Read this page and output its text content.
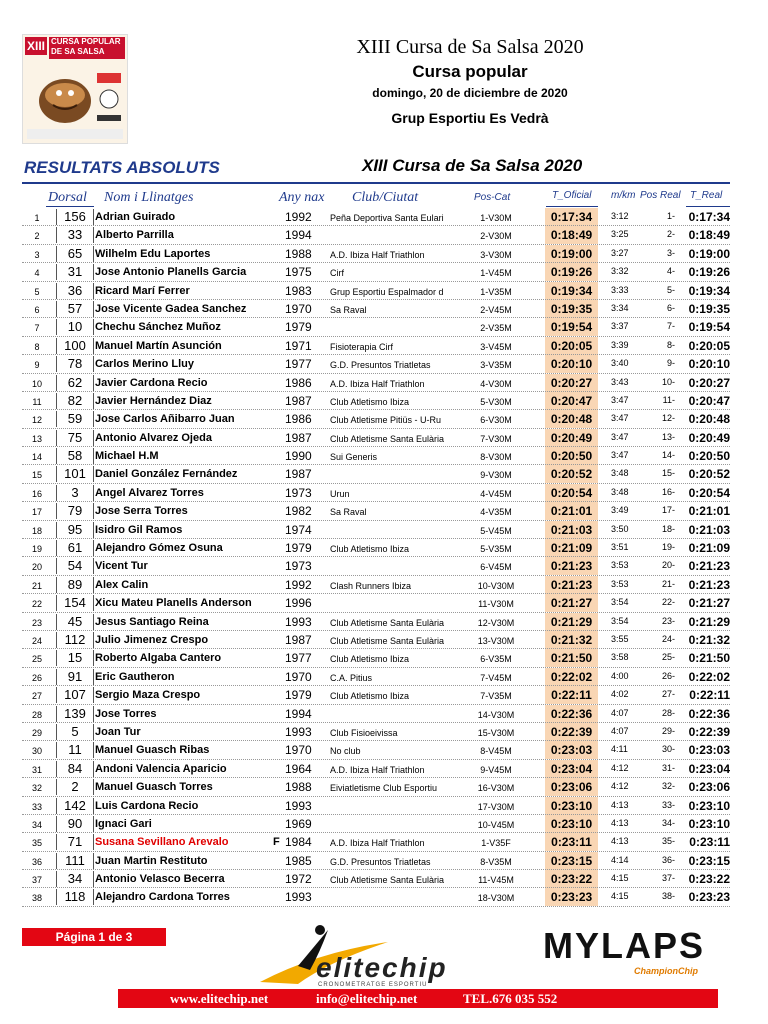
XIII CURSA POPULAR DE SA SALSA	XIII Cursa de Sa Salsa 2020
Cursa popular
domingo, 20 de diciembre de 2020
Grup Esportiu Es Vedrà
RESULTATS ABSOLUTS	XIII Cursa de Sa Salsa 2020
Dorsal Nom i Llinatges	Any nax Club/Ciutat	Pos-Cat	T_Oficial m/km Pos Real T_Real
1	156 Adrian Guirado	1992 Peña Deportiva Santa Eulari	1-V30M	0:17:34	3:12	1-	0:17:34
2	33	Alberto Parrilla	1994	2-V30M	0:18:49	3:25	2-	0:18:49
3	65	Wilhelm Edu Laportes	1988 A.D. Ibiza Half Triathlon	3-V30M	0:19:00	3:27	3-	0:19:00
4	31	Jose Antonio Planells Garcia	1975 Cirf	1-V45M	0:19:26	3:32	4-	0:19:26
5	36	Ricard Marí Ferrer	1983 Grup Esportiu Espalmador d	1-V35M	0:19:34	3:33	5-	0:19:34
6	57	Jose Vicente Gadea Sanchez	1970 Sa Raval	2-V45M	0:19:35	3:34	6-	0:19:35
7	10	Chechu Sánchez Muñoz	1979	2-V35M	0:19:54	3:37	7-	0:19:54
8	100 Manuel Martín Asunción	1971 Fisioterapia Cirf	3-V45M	0:20:05	3:39	8-	0:20:05
9	78	Carlos Merino Lluy	1977 G.D. Presuntos Triatletas	3-V35M	0:20:10	3:40	9-	0:20:10
10	62	Javier Cardona Recio	1986 A.D. Ibiza Half Triathlon	4-V30M	0:20:27	3:43	10-	0:20:27
11	82	Javier Hernández Diaz	1987 Club Atletismo Ibiza	5-V30M	0:20:47	3:47	11-	0:20:47
12	59	Jose Carlos Añibarro Juan	1986 Club Atletisme Pitiüs - U-Ru	6-V30M	0:20:48	3:47	12-	0:20:48
13	75	Antonio Alvarez Ojeda	1987 Club Atletisme Santa Eulària	7-V30M	0:20:49	3:47	13-	0:20:49
14	58	Michael H.M	1990 Sui Generis	8-V30M	0:20:50	3:47	14-	0:20:50
15	101 Daniel González Fernández	1987	9-V30M	0:20:52	3:48	15-	0:20:52
16	3	Angel Alvarez Torres	1973 Urun	4-V45M	0:20:54	3:48	16-	0:20:54
17	79	Jose Serra Torres	1982 Sa Raval	4-V35M	0:21:01	3:49	17-	0:21:01
18	95	Isidro Gil Ramos	1974	5-V45M	0:21:03	3:50	18-	0:21:03
19	61	Alejandro Gómez Osuna	1979 Club Atletismo Ibiza	5-V35M	0:21:09	3:51	19-	0:21:09
20	54	Vicent Tur	1973	6-V45M	0:21:23	3:53	20-	0:21:23
21	89	Alex Calin	1992 Clash Runners Ibiza	10-V30M	0:21:23	3:53	21-	0:21:23
22	154 Xicu Mateu Planells Anderson	1996	11-V30M	0:21:27	3:54	22-	0:21:27
23	45	Jesus Santiago Reina	1993 Club Atletisme Santa Eulària	12-V30M	0:21:29	3:54	23-	0:21:29
24	112 Julio Jimenez Crespo	1987 Club Atletisme Santa Eulària	13-V30M	0:21:32	3:55	24-	0:21:32
25	15	Roberto Algaba Cantero	1977 Club Atletismo Ibiza	6-V35M	0:21:50	3:58	25-	0:21:50
26	91	Eric Gautheron	1970 C.A. Pitius	7-V45M	0:22:02	4:00	26-	0:22:02
27	107 Sergio Maza Crespo	1979 Club Atletismo Ibiza	7-V35M	0:22:11	4:02	27-	0:22:11
28	139 Jose Torres	1994	14-V30M	0:22:36	4:07	28-	0:22:36
29	5	Joan Tur	1993 Club Fisioeivissa	15-V30M	0:22:39	4:07	29-	0:22:39
30	11	Manuel Guasch Ribas	1970 No club	8-V45M	0:23:03	4:11	30-	0:23:03
31	84	Andoni Valencia Aparicio	1964 A.D. Ibiza Half Triathlon	9-V45M	0:23:04	4:12	31-	0:23:04
32	2	Manuel Guasch Torres	1988 Eiviatletisme Club Esportiu	16-V30M	0:23:06	4:12	32-	0:23:06
33	142 Luis Cardona Recio	1993	17-V30M	0:23:10	4:13	33-	0:23:10
34	90	Ignaci Gari	1969	10-V45M	0:23:10	4:13	34-	0:23:10
35	71	Susana Sevillano Arevalo	F 1984 A.D. Ibiza Half Triathlon	1-V35F	0:23:11	4:13	35-	0:23:11
36	111 Juan Martin Restituto	1985 G.D. Presuntos Triatletas	8-V35M	0:23:15	4:14	36-	0:23:15
37	34	Antonio Velasco Becerra	1972 Club Atletisme Santa Eulària	11-V45M	0:23:22	4:15	37-	0:23:22
38	118 Alejandro Cardona Torres	1993	18-V30M	0:23:23	4:15	38-	0:23:23
Página 1 de 3
elitechip
CRONOMETRATGE ESPORTIU
MYLAPS
ChampionChip
www.elitechip.net	info@elitechip.net	TEL.676 035 552
